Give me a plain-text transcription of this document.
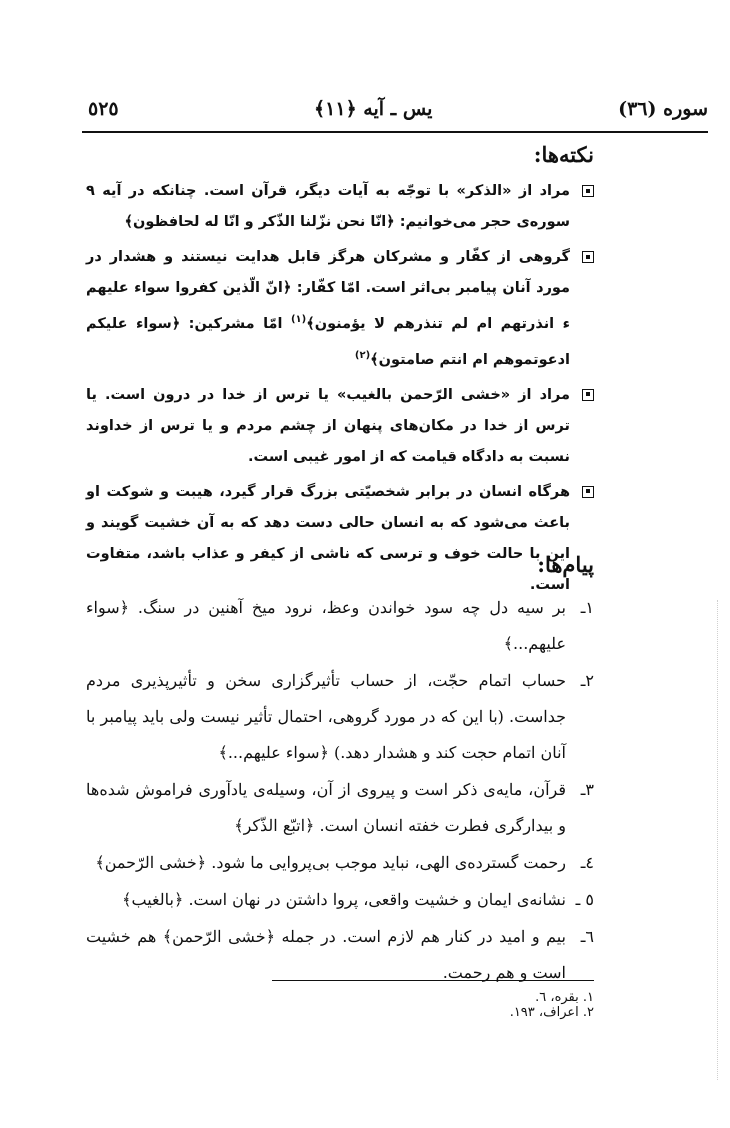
٥٢٥	یس ـ آیه ﴿١١﴾	سوره (٣٦)
نکته‌ها:
مراد از «الذکر» با توجّه به آیات دیگر، قرآن است. چنانکه در آیه ۹ سوره‌ی حجر می‌خوانیم: ﴿انّا نحن نزّلنا الذّکر و انّا له لحافظون﴾
گروهی از کفّار و مشرکان هرگز قابل هدایت نیستند و هشدار در مورد آنان پیامبر بی‌اثر است. امّا کفّار: ﴿انّ الّذین کفروا سواء علیهم ء انذرتهم ام لم تنذرهم لا یؤمنون﴾$^{(١)}$ امّا مشرکین: ﴿سواء علیکم ادعوتموهم ام انتم صامتون﴾$^{(٢)}$
مراد از «خشی الرّحمن بالغیب» یا ترس از خدا در درون است. یا ترس از خدا در مکان‌های پنهان از چشم مردم و یا ترس از خداوند نسبت به دادگاه قیامت که از امور غیبی است.
هرگاه انسان در برابر شخصیّتی بزرگ قرار گیرد، هیبت و شوکت او باعث می‌شود که به انسان حالی دست دهد که به آن خشیت گویند و این با حالت خوف و ترسی که ناشی از کیفر و عذاب باشد، متفاوت است.
پیام‌ها:
١ـ
بر سیه دل چه سود خواندن وعظ، نرود میخ آهنین در سنگ. ﴿سواء علیهم...﴾
٢ـ
حساب اتمام حجّت، از حساب تأثیرگزاری سخن و تأثیرپذیری مردم جداست. (با این که در مورد گروهی، احتمال تأثیر نیست ولی باید پیامبر با آنان اتمام حجت کند و هشدار دهد.) ﴿سواء علیهم...﴾
٣ـ
قرآن، مایه‌ی ذکر است و پیروی از آن، وسیله‌ی یادآوری فراموش شده‌ها و بیدارگری فطرت خفته انسان است. ﴿اتبّع الذّکر﴾
٤ـ
رحمت گسترده‌ی الهی، نباید موجب بی‌پروایی ما شود. ﴿خشی الرّحمن﴾
٥ ـ
نشانه‌ی ایمان و خشیت واقعی، پروا داشتن در نهان است. ﴿بالغیب﴾
٦ـ
بیم و امید در کنار هم لازم است. در جمله ﴿خشی الرّحمن﴾ هم خشیت است و هم رحمت.
١. بقره، ٦. ٢. اعراف، ١٩٣.
